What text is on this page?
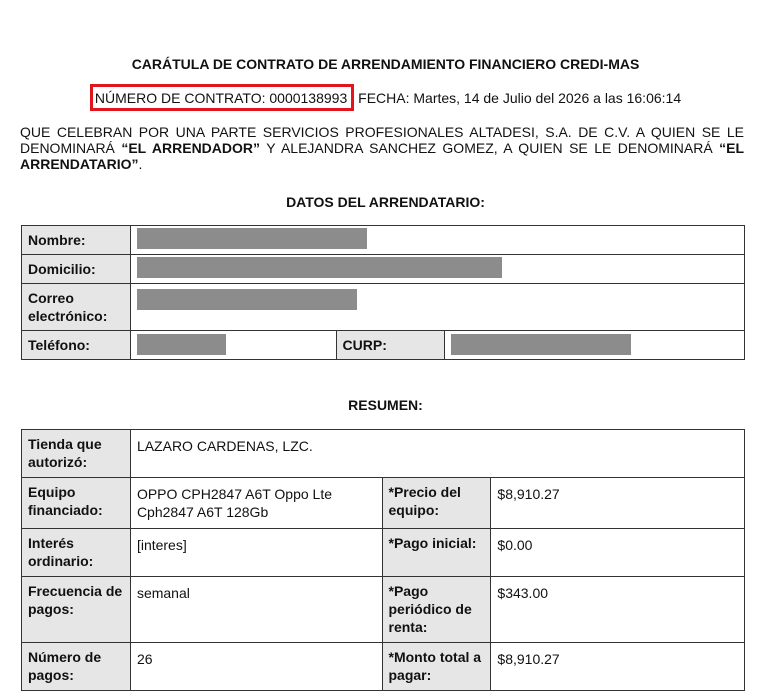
CARÁTULA DE CONTRATO DE ARRENDAMIENTO FINANCIERO CREDI-MAS
NÚMERO DE CONTRATO: 0000138993 FECHA: Martes, 14 de Julio del 2026 a las 16:06:14
QUE CELEBRAN POR UNA PARTE SERVICIOS PROFESIONALES ALTADESI, S.A. DE C.V. A QUIEN SE LE DENOMINARÁ “EL ARRENDADOR” Y ALEJANDRA SANCHEZ GOMEZ, A QUIEN SE LE DENOMINARÁ “EL ARRENDATARIO”.
DATOS DEL ARRENDATARIO:
Nombre:			

Domicilio:			

Correo electrónico:			

Teléfono:		CURP:	
RESUMEN:
Tienda que autorizó:	LAZARO CARDENAS, LZC.		
Equipo financiado:	OPPO CPH2847 A6T Oppo Lte Cph2847 A6T 128Gb	*Precio del equipo:	$8,910.27
Interés ordinario:	[interes]	*Pago inicial:	$0.00
Frecuencia de pagos:	semanal	*Pago periódico de renta:	$343.00
Número de pagos:	26	*Monto total a pagar:	$8,910.27
